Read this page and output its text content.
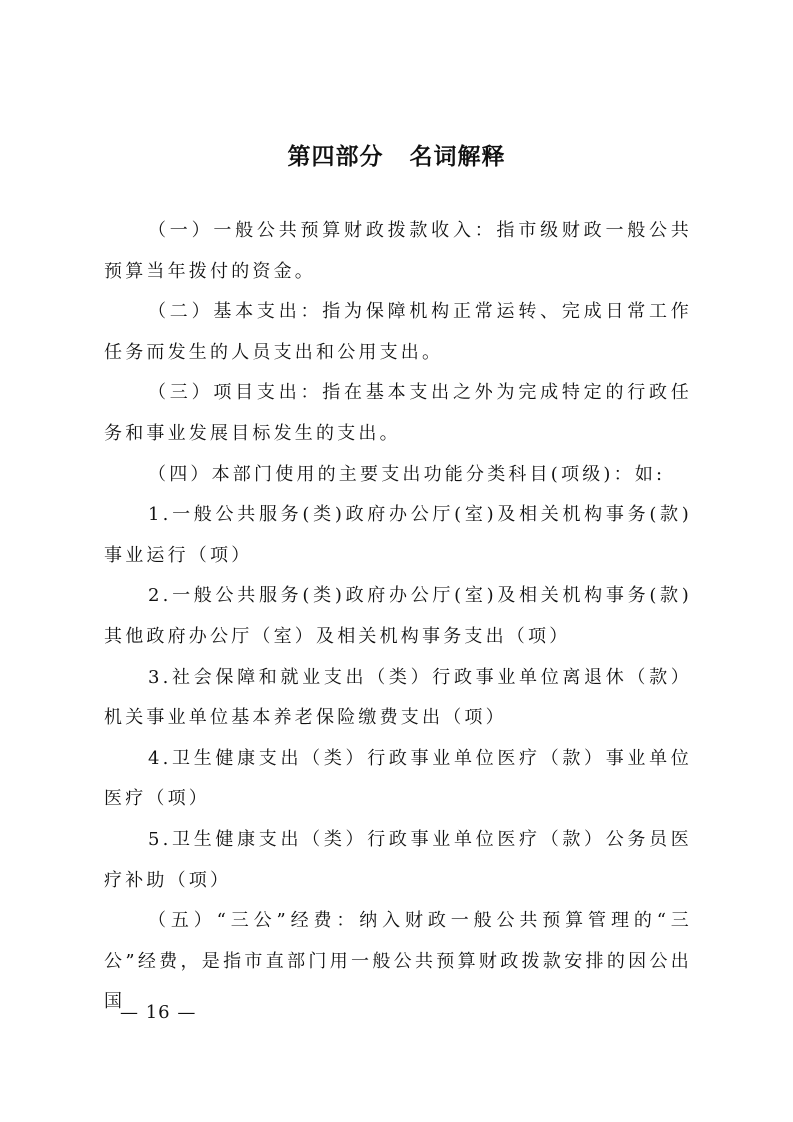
第四部分 名词解释

（一）一般公共预算财政拨款收入：指市级财政一般公共预算当年拨付的资金。

（二）基本支出：指为保障机构正常运转、完成日常工作任务而发生的人员支出和公用支出。

（三）项目支出：指在基本支出之外为完成特定的行政任务和事业发展目标发生的支出。

（四）本部门使用的主要支出功能分类科目(项级)：如:

1.一般公共服务(类)政府办公厅(室)及相关机构事务(款)事业运行（项）

2.一般公共服务(类)政府办公厅(室)及相关机构事务(款)其他政府办公厅（室）及相关机构事务支出（项）

3.社会保障和就业支出（类）行政事业单位离退休（款）机关事业单位基本养老保险缴费支出（项）

4.卫生健康支出（类）行政事业单位医疗（款）事业单位医疗（项）

5.卫生健康支出（类）行政事业单位医疗（款）公务员医疗补助（项）

（五）“三公”经费：纳入财政一般公共预算管理的“三公”经费，是指市直部门用一般公共预算财政拨款安排的因公出国

— 16 —
